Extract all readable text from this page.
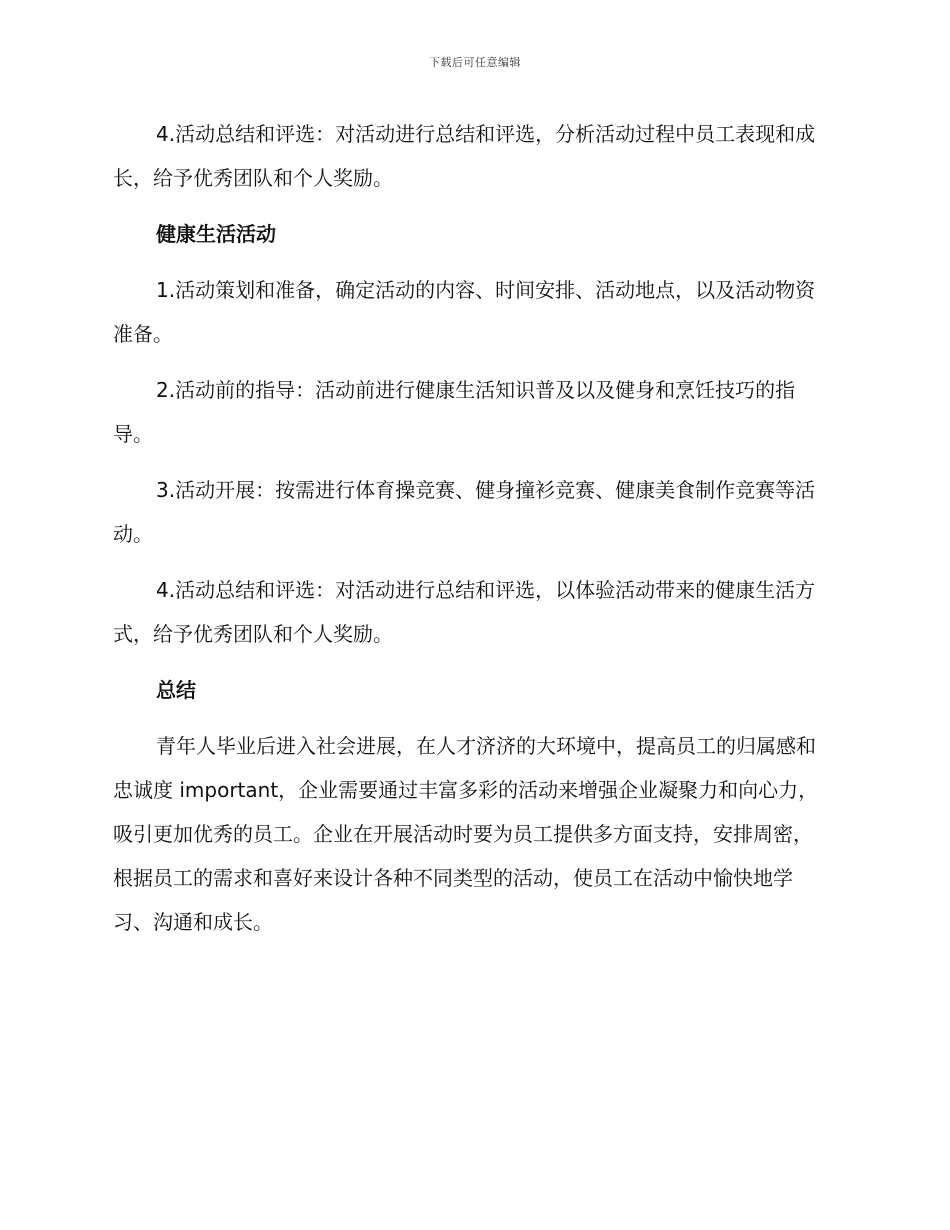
下载后可任意编辑

4.活动总结和评选：对活动进行总结和评选，分析活动过程中员工表现和成长，给予优秀团队和个人奖励。

健康生活活动

1.活动策划和准备，确定活动的内容、时间安排、活动地点，以及活动物资准备。

2.活动前的指导：活动前进行健康生活知识普及以及健身和烹饪技巧的指导。

3.活动开展：按需进行体育操竞赛、健身撞衫竞赛、健康美食制作竞赛等活动。

4.活动总结和评选：对活动进行总结和评选，以体验活动带来的健康生活方式，给予优秀团队和个人奖励。

总结

青年人毕业后进入社会进展，在人才济济的大环境中，提高员工的归属感和忠诚度 important，企业需要通过丰富多彩的活动来增强企业凝聚力和向心力，吸引更加优秀的员工。企业在开展活动时要为员工提供多方面支持，安排周密，根据员工的需求和喜好来设计各种不同类型的活动，使员工在活动中愉快地学习、沟通和成长。
